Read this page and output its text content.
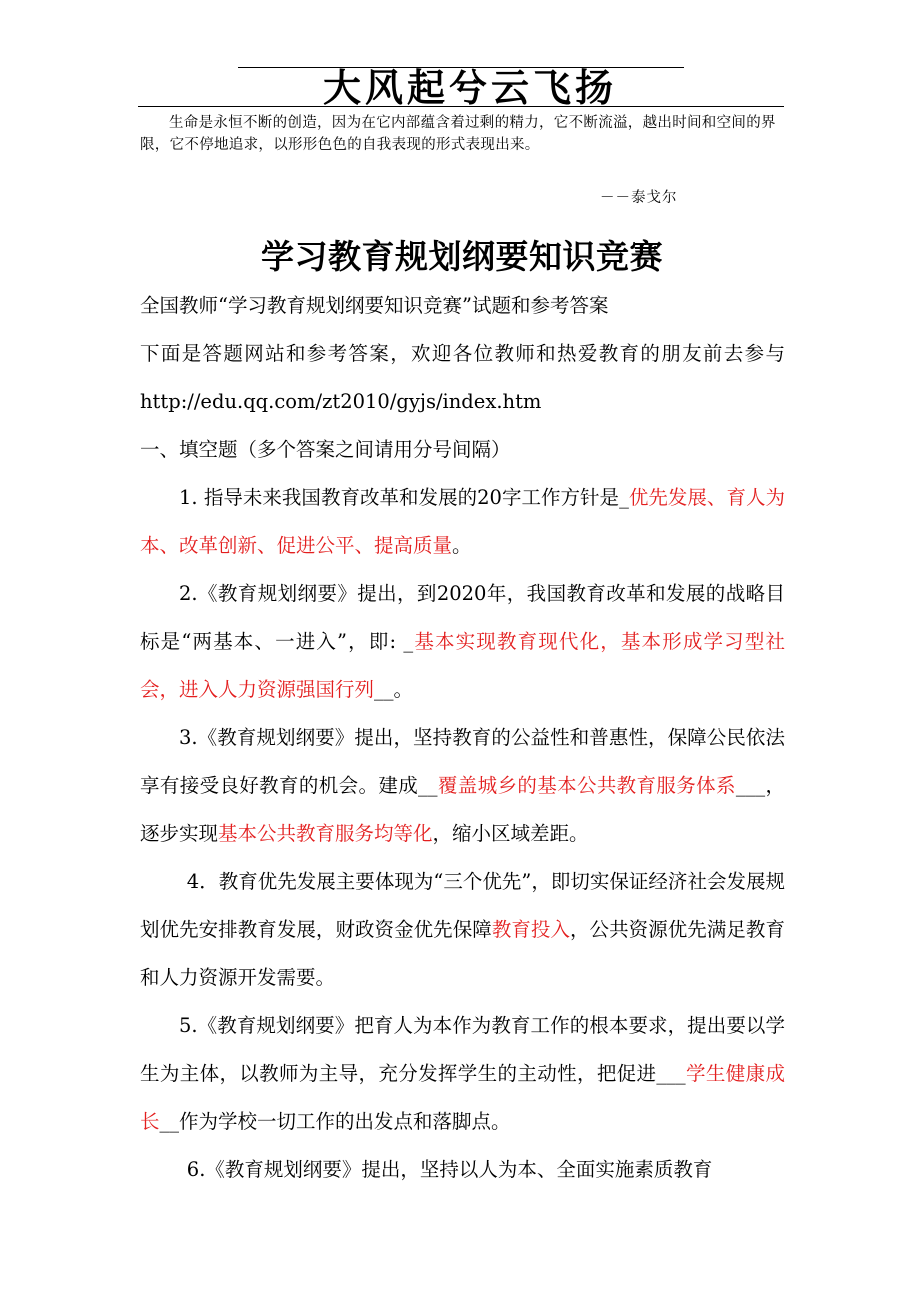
大风起兮云飞扬
生命是永恒不断的创造，因为在它内部蕴含着过剩的精力，它不断流溢，越出时间和空间的界限，它不停地追求，以形形色色的自我表现的形式表现出来。
－－泰戈尔
学习教育规划纲要知识竞赛

全国教师“学习教育规划纲要知识竞赛”试题和参考答案

下面是答题网站和参考答案，欢迎各位教师和热爱教育的朋友前去参与 http://edu.qq.com/zt2010/gyjs/index.htm

一、填空题（多个答案之间请用分号间隔）

1. 指导未来我国教育改革和发展的20字工作方针是_优先发展、育人为本、改革创新、促进公平、提高质量。

2.《教育规划纲要》提出，到2020年，我国教育改革和发展的战略目标是“两基本、一进入”，即: _基本实现教育现代化，基本形成学习型社会，进入人力资源强国行列__。

3.《教育规划纲要》提出，坚持教育的公益性和普惠性，保障公民依法享有接受良好教育的机会。建成__覆盖城乡的基本公共教育服务体系___，逐步实现基本公共教育服务均等化，缩小区域差距。

4．教育优先发展主要体现为“三个优先”，即切实保证经济社会发展规划优先安排教育发展，财政资金优先保障教育投入，公共资源优先满足教育和人力资源开发需要。

5.《教育规划纲要》把育人为本作为教育工作的根本要求，提出要以学生为主体，以教师为主导，充分发挥学生的主动性，把促进___学生健康成长__作为学校一切工作的出发点和落脚点。

6.《教育规划纲要》提出，坚持以人为本、全面实施素质教育
